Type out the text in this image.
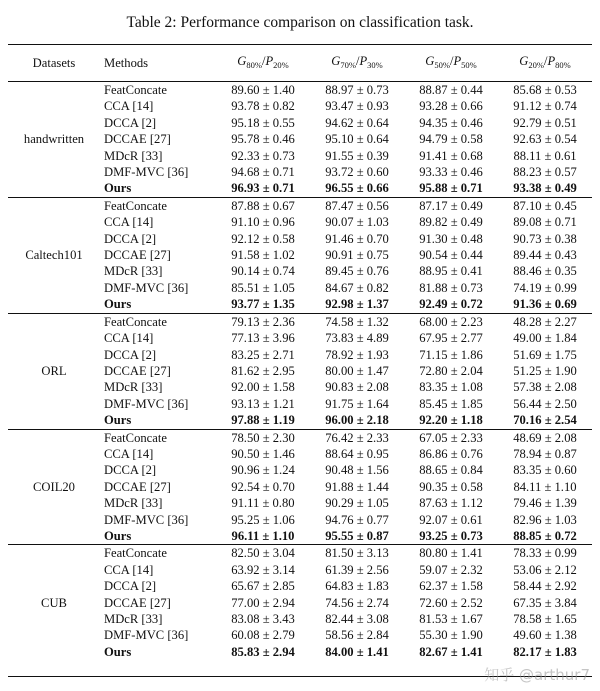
Table 2: Performance comparison on classification task.
Datasets	Methods	$G_{80\%}/P_{20\%}$	$G_{70\%}/P_{30\%}$	$G_{50\%}/P_{50\%}$	$G_{20\%}/P_{80\%}$
handwritten	FeatConcate	89.60 ± 1.40	88.97 ± 0.73	88.87 ± 0.44	85.68 ± 0.53
	CCA [14]	93.78 ± 0.82	93.47 ± 0.93	93.28 ± 0.66	91.12 ± 0.74
	DCCA [2]	95.18 ± 0.55	94.62 ± 0.64	94.35 ± 0.46	92.79 ± 0.51
	DCCAE [27]	95.78 ± 0.46	95.10 ± 0.64	94.79 ± 0.58	92.63 ± 0.54
	MDcR [33]	92.33 ± 0.73	91.55 ± 0.39	91.41 ± 0.68	88.11 ± 0.61
	DMF-MVC [36]	94.68 ± 0.71	93.72 ± 0.60	93.33 ± 0.46	88.23 ± 0.57
	Ours	96.93 ± 0.71	96.55 ± 0.66	95.88 ± 0.71	93.38 ± 0.49
Caltech101	FeatConcate	87.88 ± 0.67	87.47 ± 0.56	87.17 ± 0.49	87.10 ± 0.45
	CCA [14]	91.10 ± 0.96	90.07 ± 1.03	89.82 ± 0.49	89.08 ± 0.71
	DCCA [2]	92.12 ± 0.58	91.46 ± 0.70	91.30 ± 0.48	90.73 ± 0.38
	DCCAE [27]	91.58 ± 1.02	90.91 ± 0.75	90.54 ± 0.44	89.44 ± 0.43
	MDcR [33]	90.14 ± 0.74	89.45 ± 0.76	88.95 ± 0.41	88.46 ± 0.35
	DMF-MVC [36]	85.51 ± 1.05	84.67 ± 0.82	81.88 ± 0.73	74.19 ± 0.99
	Ours	93.77 ± 1.35	92.98 ± 1.37	92.49 ± 0.72	91.36 ± 0.69
ORL	FeatConcate	79.13 ± 2.36	74.58 ± 1.32	68.00 ± 2.23	48.28 ± 2.27
	CCA [14]	77.13 ± 3.96	73.83 ± 4.89	67.95 ± 2.77	49.00 ± 1.84
	DCCA [2]	83.25 ± 2.71	78.92 ± 1.93	71.15 ± 1.86	51.69 ± 1.75
	DCCAE [27]	81.62 ± 2.95	80.00 ± 1.47	72.80 ± 2.04	51.25 ± 1.90
	MDcR [33]	92.00 ± 1.58	90.83 ± 2.08	83.35 ± 1.08	57.38 ± 2.08
	DMF-MVC [36]	93.13 ± 1.21	91.75 ± 1.64	85.45 ± 1.85	56.44 ± 2.50
	Ours	97.88 ± 1.19	96.00 ± 2.18	92.20 ± 1.18	70.16 ± 2.54
COIL20	FeatConcate	78.50 ± 2.30	76.42 ± 2.33	67.05 ± 2.33	48.69 ± 2.08
	CCA [14]	90.50 ± 1.46	88.64 ± 0.95	86.86 ± 0.76	78.94 ± 0.87
	DCCA [2]	90.96 ± 1.24	90.48 ± 1.56	88.65 ± 0.84	83.35 ± 0.60
	DCCAE [27]	92.54 ± 0.70	91.88 ± 1.44	90.35 ± 0.58	84.11 ± 1.10
	MDcR [33]	91.11 ± 0.80	90.29 ± 1.05	87.63 ± 1.12	79.46 ± 1.39
	DMF-MVC [36]	95.25 ± 1.06	94.76 ± 0.77	92.07 ± 0.61	82.96 ± 1.03
	Ours	96.11 ± 1.10	95.55 ± 0.87	93.25 ± 0.73	88.85 ± 0.72
CUB	FeatConcate	82.50 ± 3.04	81.50 ± 3.13	80.80 ± 1.41	78.33 ± 0.99
	CCA [14]	63.92 ± 3.14	61.39 ± 2.56	59.07 ± 2.32	53.06 ± 2.12
	DCCA [2]	65.67 ± 2.85	64.83 ± 1.83	62.37 ± 1.58	58.44 ± 2.92
	DCCAE [27]	77.00 ± 2.94	74.56 ± 2.74	72.60 ± 2.52	67.35 ± 3.84
	MDcR [33]	83.08 ± 3.43	82.44 ± 3.08	81.53 ± 1.67	78.58 ± 1.65
	DMF-MVC [36]	60.08 ± 2.79	58.56 ± 2.84	55.30 ± 1.90	49.60 ± 1.38
	Ours	85.83 ± 2.94	84.00 ± 1.41	82.67 ± 1.41	82.17 ± 1.83
知乎 @arthur7
